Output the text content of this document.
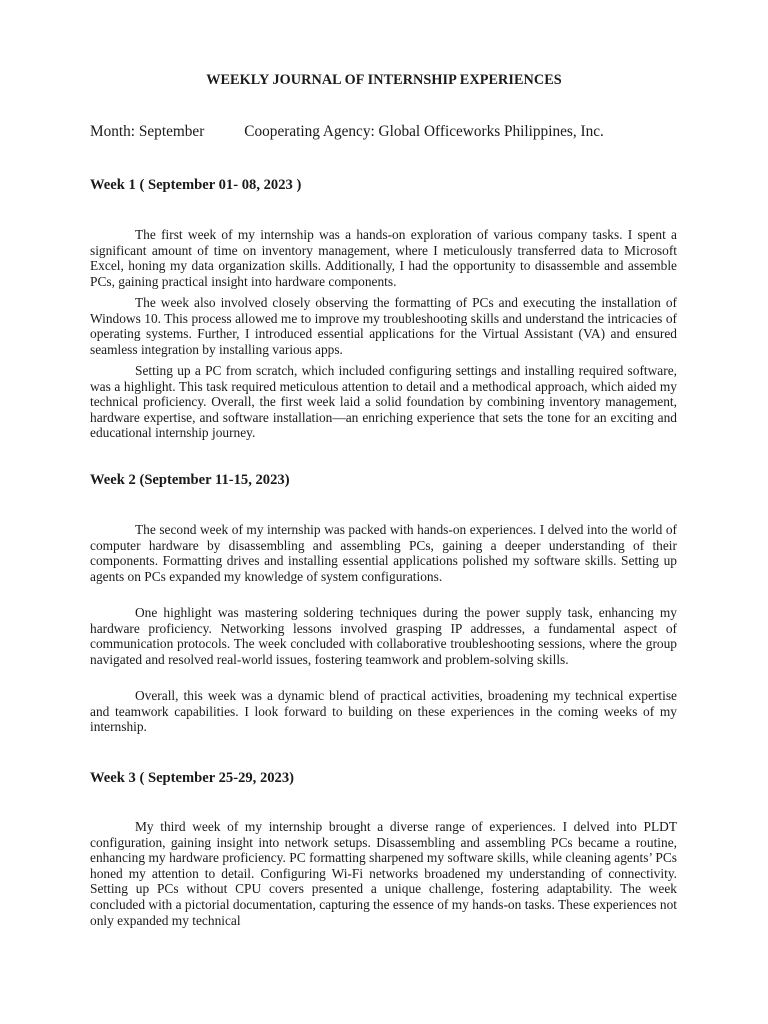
WEEKLY JOURNAL OF INTERNSHIP EXPERIENCES
Month: September	Cooperating Agency: Global Officeworks Philippines, Inc.
Week 1 ( September 01- 08, 2023 )

The first week of my internship was a hands-on exploration of various company tasks. I spent a significant amount of time on inventory management, where I meticulously transferred data to Microsoft Excel, honing my data organization skills. Additionally, I had the opportunity to disassemble and assemble PCs, gaining practical insight into hardware components.

The week also involved closely observing the formatting of PCs and executing the installation of Windows 10. This process allowed me to improve my troubleshooting skills and understand the intricacies of operating systems. Further, I introduced essential applications for the Virtual Assistant (VA) and ensured seamless integration by installing various apps.

Setting up a PC from scratch, which included configuring settings and installing required software, was a highlight. This task required meticulous attention to detail and a methodical approach, which aided my technical proficiency. Overall, the first week laid a solid foundation by combining inventory management, hardware expertise, and software installation—an enriching experience that sets the tone for an exciting and educational internship journey.

Week 2 (September 11-15, 2023)

The second week of my internship was packed with hands-on experiences. I delved into the world of computer hardware by disassembling and assembling PCs, gaining a deeper understanding of their components. Formatting drives and installing essential applications polished my software skills. Setting up agents on PCs expanded my knowledge of system configurations.

One highlight was mastering soldering techniques during the power supply task, enhancing my hardware proficiency. Networking lessons involved grasping IP addresses, a fundamental aspect of communication protocols. The week concluded with collaborative troubleshooting sessions, where the group navigated and resolved real-world issues, fostering teamwork and problem-solving skills.

Overall, this week was a dynamic blend of practical activities, broadening my technical expertise and teamwork capabilities. I look forward to building on these experiences in the coming weeks of my internship.

Week 3 ( September 25-29, 2023)

My third week of my internship brought a diverse range of experiences. I delved into PLDT configuration, gaining insight into network setups. Disassembling and assembling PCs became a routine, enhancing my hardware proficiency. PC formatting sharpened my software skills, while cleaning agents’ PCs honed my attention to detail. Configuring Wi-Fi networks broadened my understanding of connectivity. Setting up PCs without CPU covers presented a unique challenge, fostering adaptability. The week concluded with a pictorial documentation, capturing the essence of my hands-on tasks. These experiences not only expanded my technical
